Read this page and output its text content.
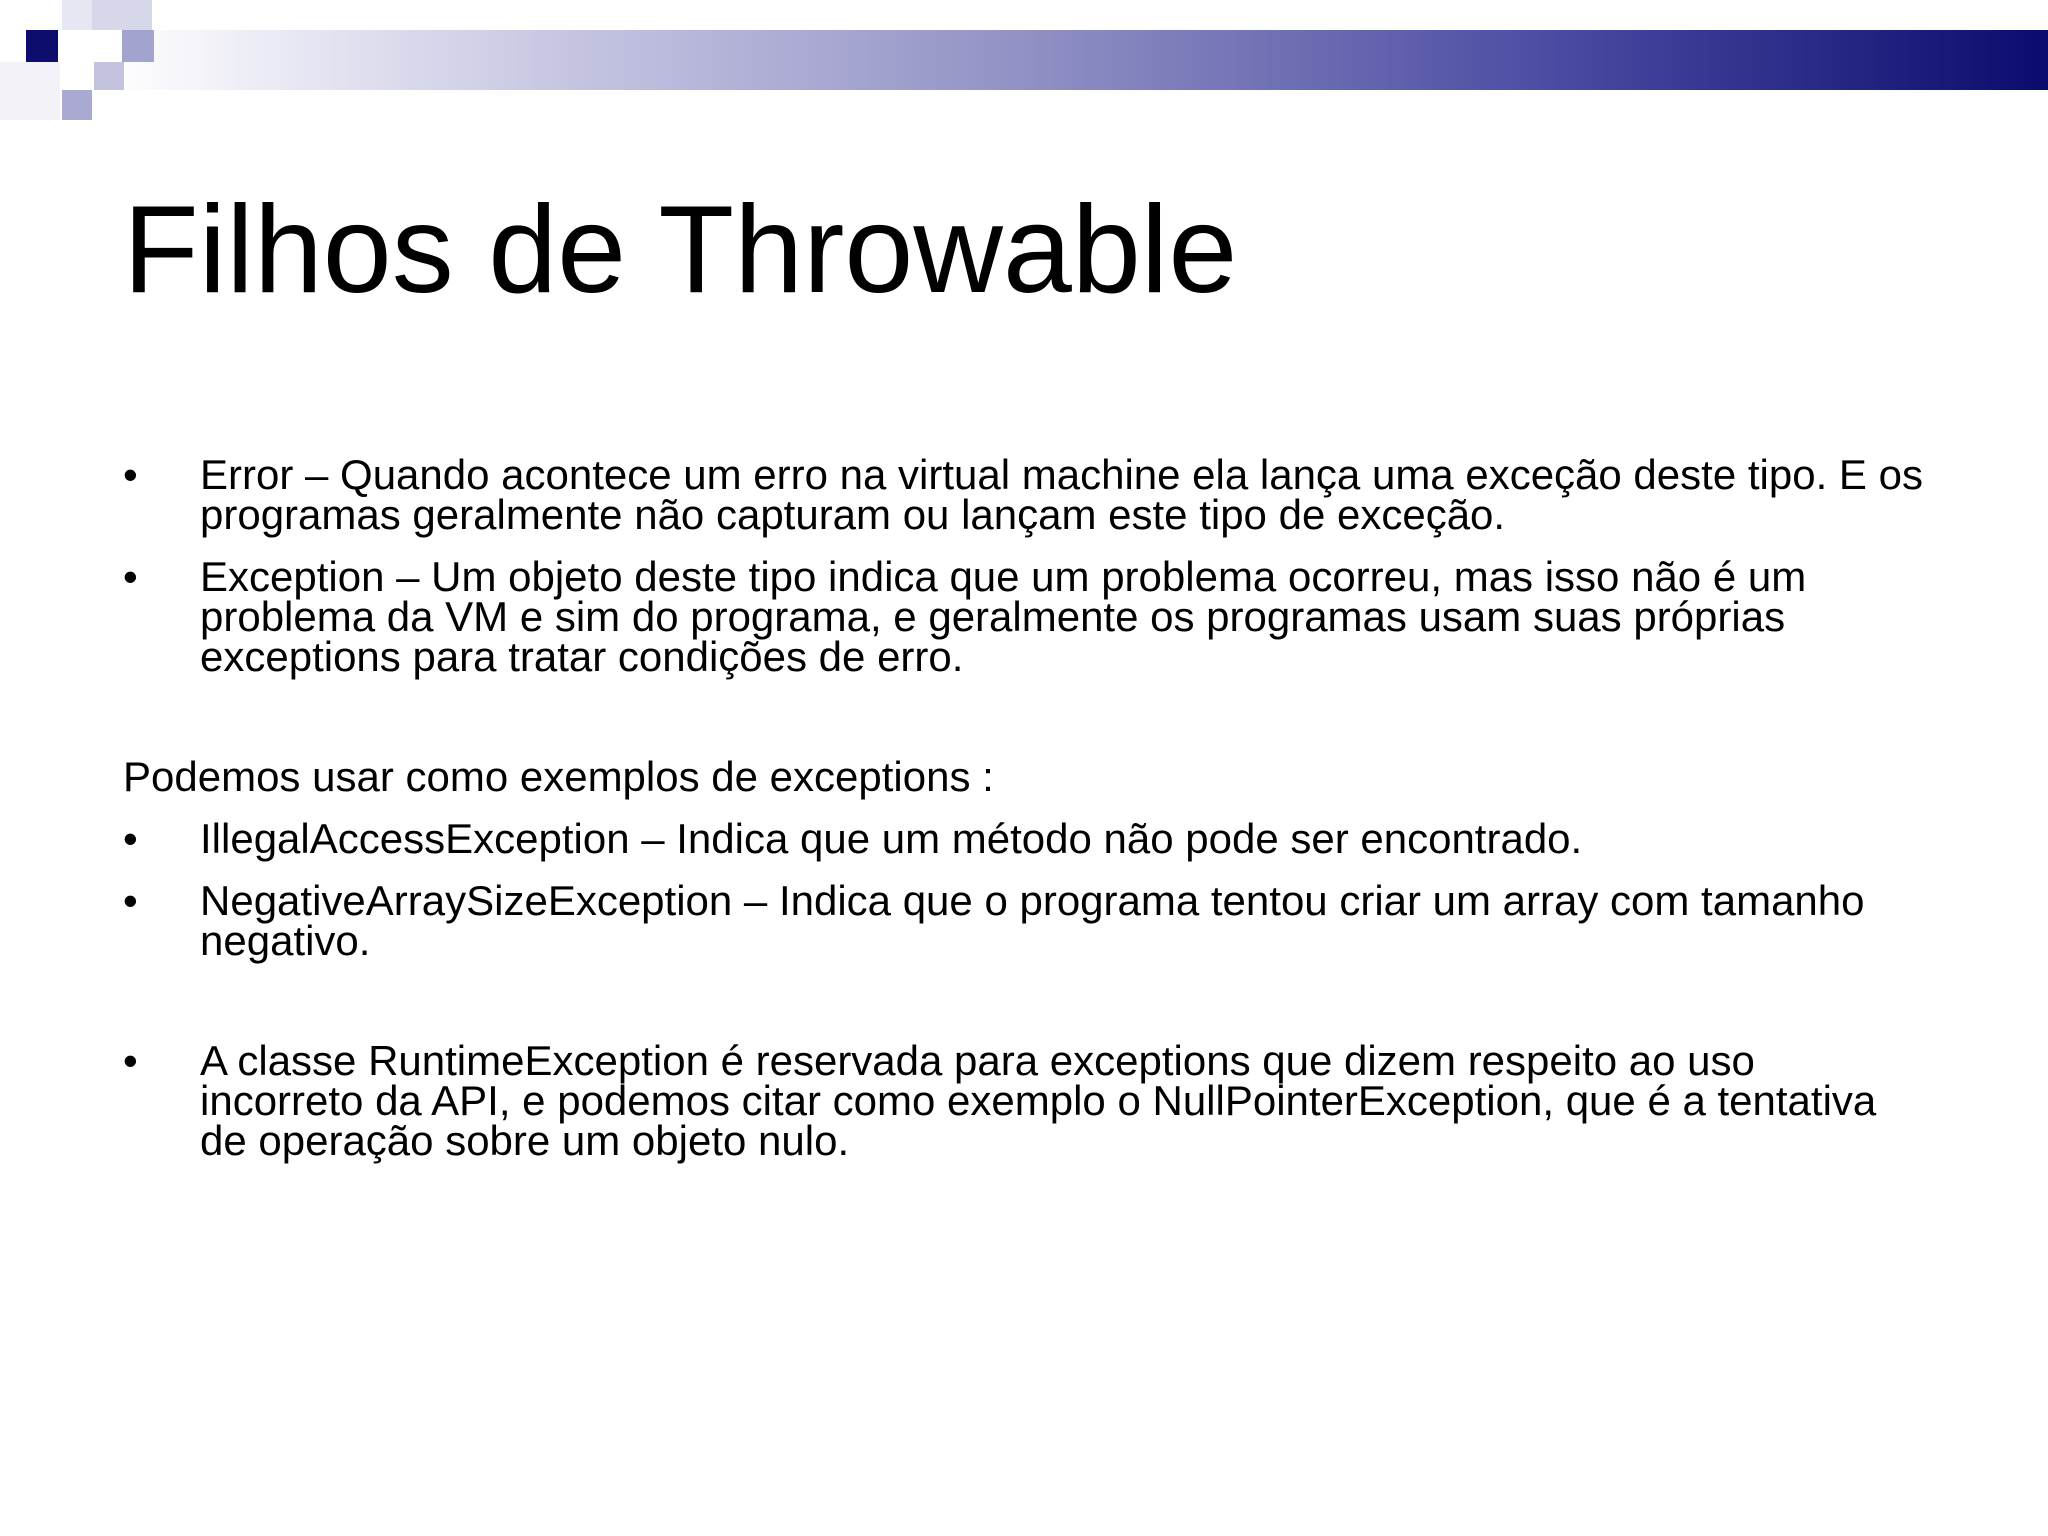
Filhos de Throwable
•	Error – Quando acontece um erro na virtual machine ela lança uma exceção deste tipo. E os programas geralmente não capturam ou lançam este tipo de exceção.
•	Exception – Um objeto deste tipo indica que um problema ocorreu, mas isso não é um problema da VM e sim do programa, e geralmente os programas usam suas próprias exceptions para tratar condições de erro.
Podemos usar como exemplos de exceptions :
•	IllegalAccessException – Indica que um método não pode ser encontrado.
•	NegativeArraySizeException – Indica que o programa tentou criar um array com tamanho negativo.
•	A classe RuntimeException é reservada para exceptions que dizem respeito ao uso incorreto da API, e podemos citar como exemplo o NullPointerException, que é a tentativa de operação sobre um objeto nulo.
